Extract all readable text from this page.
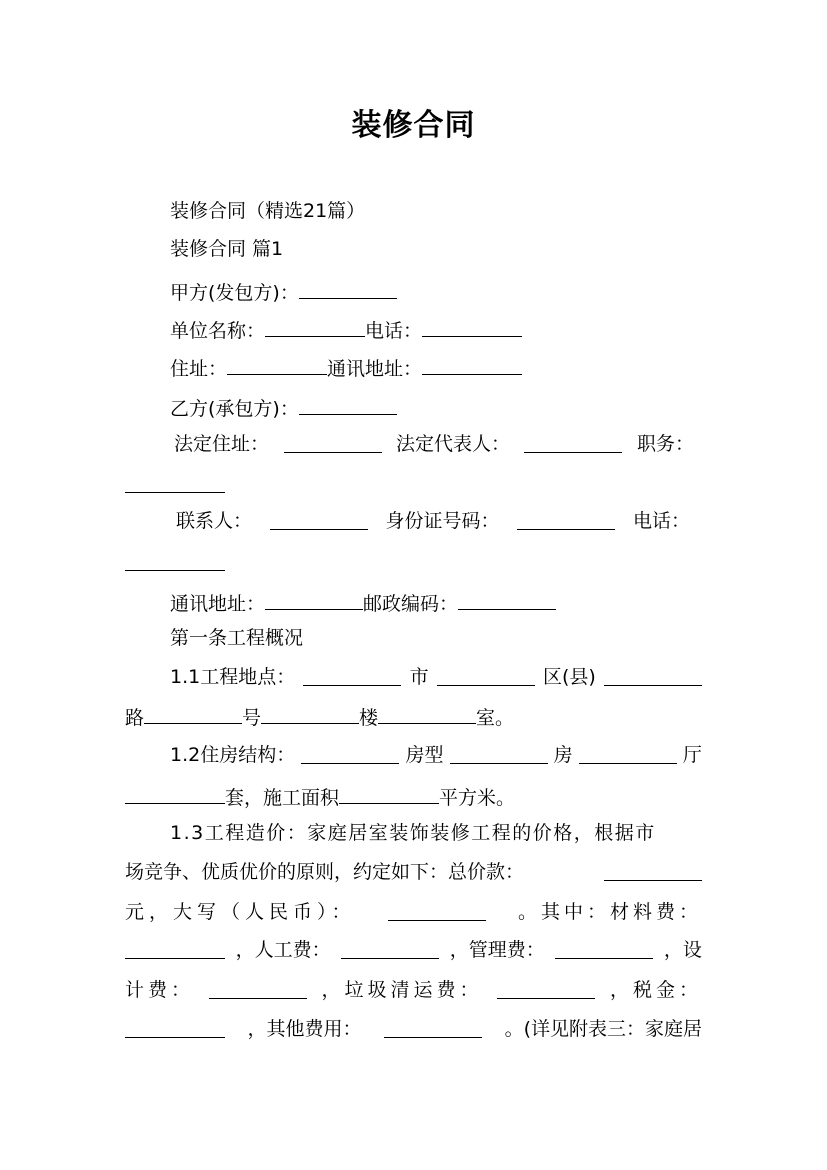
装修合同
装修合同（精选21篇）
装修合同 篇1
甲方(发包方)：
单位名称：	电话：
住址：	通讯地址：
乙方(承包方)：
法定住址：	法定代表人：	职务：
联系人：	身份证号码：	电话：
通讯地址：	邮政编码：
第一条工程概况
1.1工程地点：	市	区(县)
路	号	楼	室。
1.2住房结构：	房型	房	厅
套，施工面积	平方米。
1.3工程造价：家庭居室装饰装修工程的价格，根据市
场竞争、优质优价的原则，约定如下：总价款：
元，大写（人民币）：	。其中：材料费：
，人工费：	，管理费：	，设
计费：	，垃圾清运费：	，税金：
，其他费用：	。(详见附表三：家庭居
